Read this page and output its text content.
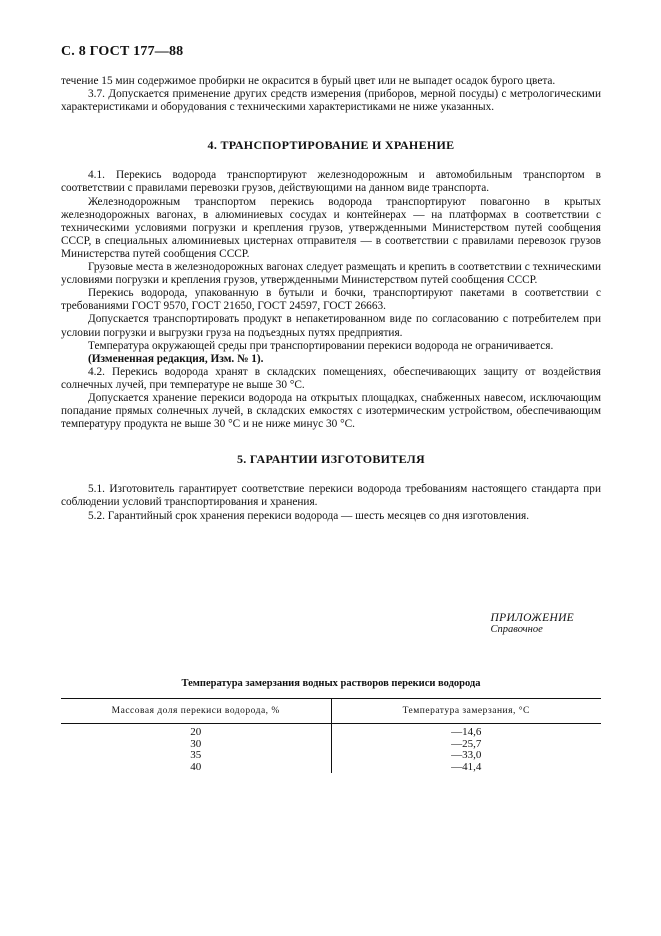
С. 8 ГОСТ 177—88

течение 15 мин содержимое пробирки не окрасится в бурый цвет или не выпадет осадок бурого цвета.

3.7. Допускается применение других средств измерения (приборов, мерной посуды) с метрологическими характеристиками и оборудования с техническими характеристиками не ниже указанных.

4. ТРАНСПОРТИРОВАНИЕ И ХРАНЕНИЕ

4.1. Перекись водорода транспортируют железнодорожным и автомобильным транспортом в соответствии с правилами перевозки грузов, действующими на данном виде транспорта.

Железнодорожным транспортом перекись водорода транспортируют повагонно в крытых железнодорожных вагонах, в алюминиевых сосудах и контейнерах — на платформах в соответствии с техническими условиями погрузки и крепления грузов, утвержденными Министерством путей сообщения СССР, в специальных алюминиевых цистернах отправителя — в соответствии с правилами перевозок грузов Министерства путей сообщения СССР.

Грузовые места в железнодорожных вагонах следует размещать и крепить в соответствии с техническими условиями погрузки и крепления грузов, утвержденными Министерством путей сообщения СССР.

Перекись водорода, упакованную в бутыли и бочки, транспортируют пакетами в соответствии с требованиями ГОСТ 9570, ГОСТ 21650, ГОСТ 24597, ГОСТ 26663.

Допускается транспортировать продукт в непакетированном виде по согласованию с потребителем при условии погрузки и выгрузки груза на подъездных путях предприятия.

Температура окружающей среды при транспортировании перекиси водорода не ограничивается.

(Измененная редакция, Изм. № 1).

4.2. Перекись водорода хранят в складских помещениях, обеспечивающих защиту от воздействия солнечных лучей, при температуре не выше 30 °С.

Допускается хранение перекиси водорода на открытых площадках, снабженных навесом, исключающим попадание прямых солнечных лучей, в складских емкостях с изотермическим устройством, обеспечивающим температуру продукта не выше 30 °С и не ниже минус 30 °С.

5. ГАРАНТИИ ИЗГОТОВИТЕЛЯ

5.1. Изготовитель гарантирует соответствие перекиси водорода требованиям настоящего стандарта при соблюдении условий транспортирования и хранения.

5.2. Гарантийный срок хранения перекиси водорода — шесть месяцев со дня изготовления.

ПРИЛОЖЕНИЕ
Справочное
Температура замерзания водных растворов перекиси водорода
Массовая доля перекиси водорода, %	Температура замерзания, °С
20	—14,6
30	—25,7
35	—33,0
40	—41,4
